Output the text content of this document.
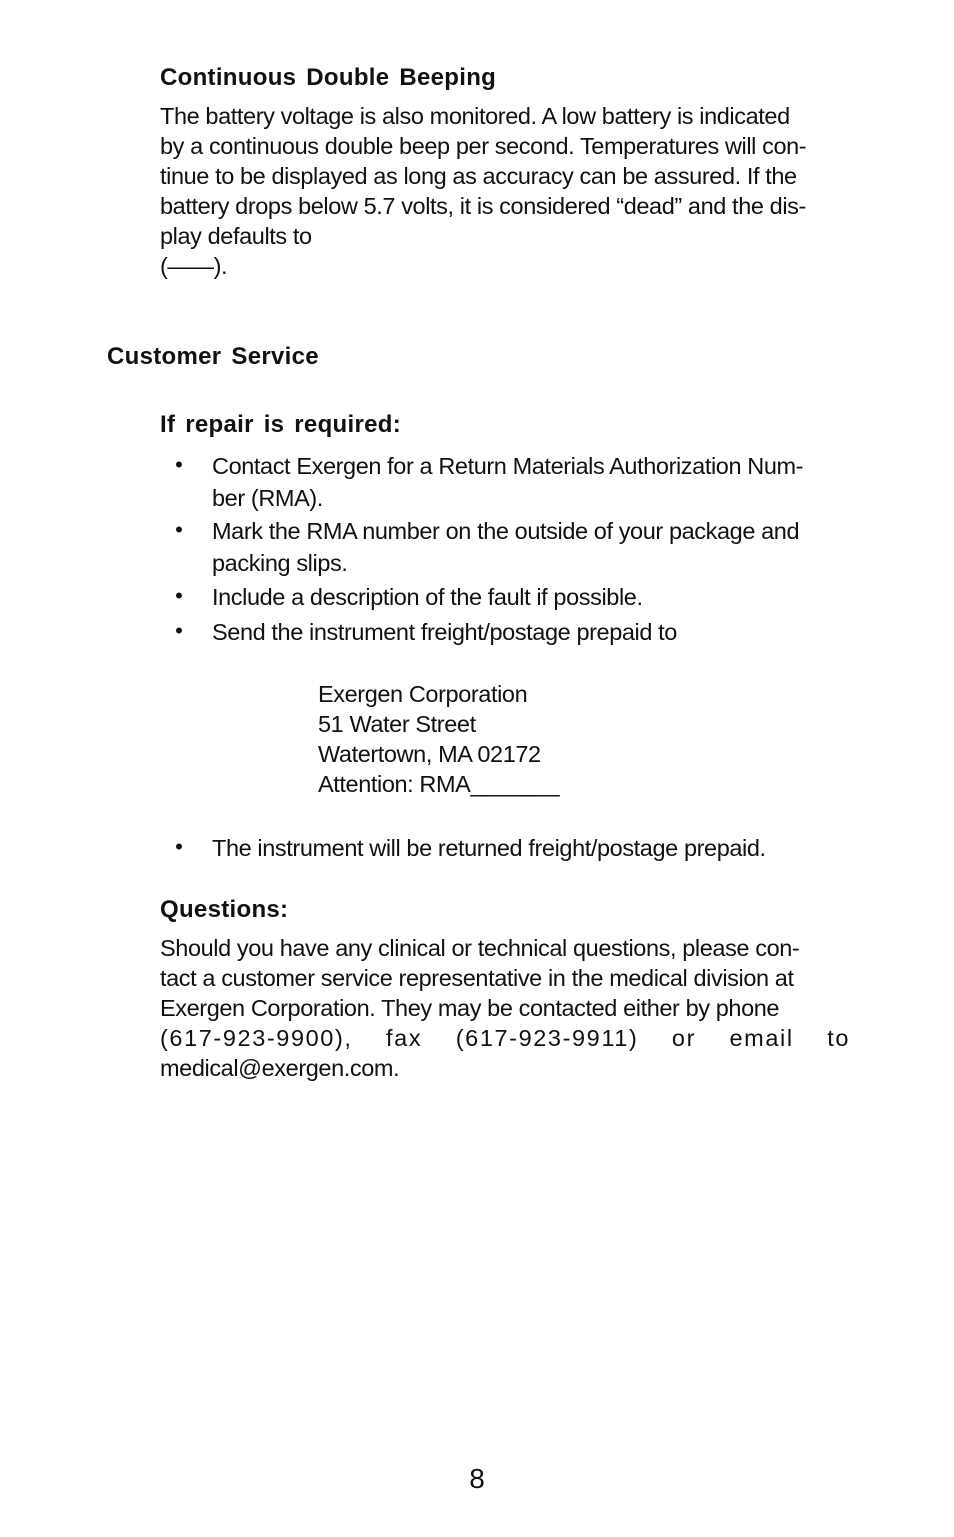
Continuous Double Beeping
The battery voltage is also monitored. A low battery is indicated
by a continuous double beep per second. Temperatures will con-
tinue to be displayed as long as accuracy can be assured. If the
battery drops below 5.7 volts, it is considered “dead” and the dis-
play defaults to
(——).
Customer Service
If repair is required:
• Contact Exergen for a Return Materials Authorization Num-
ber (RMA).
• Mark the RMA number on the outside of your package and
packing slips.
• Include a description of the fault if possible.
• Send the instrument freight/postage prepaid to
Exergen Corporation
51 Water Street
Watertown, MA 02172
Attention: RMA_______
• The instrument will be returned freight/postage prepaid.
Questions:
Should you have any clinical or technical questions, please con-
tact a customer service representative in the medical division at
Exergen Corporation. They may be contacted either by phone
(617-923-9900), fax (617-923-9911) or email to
medical@exergen.com.
8
